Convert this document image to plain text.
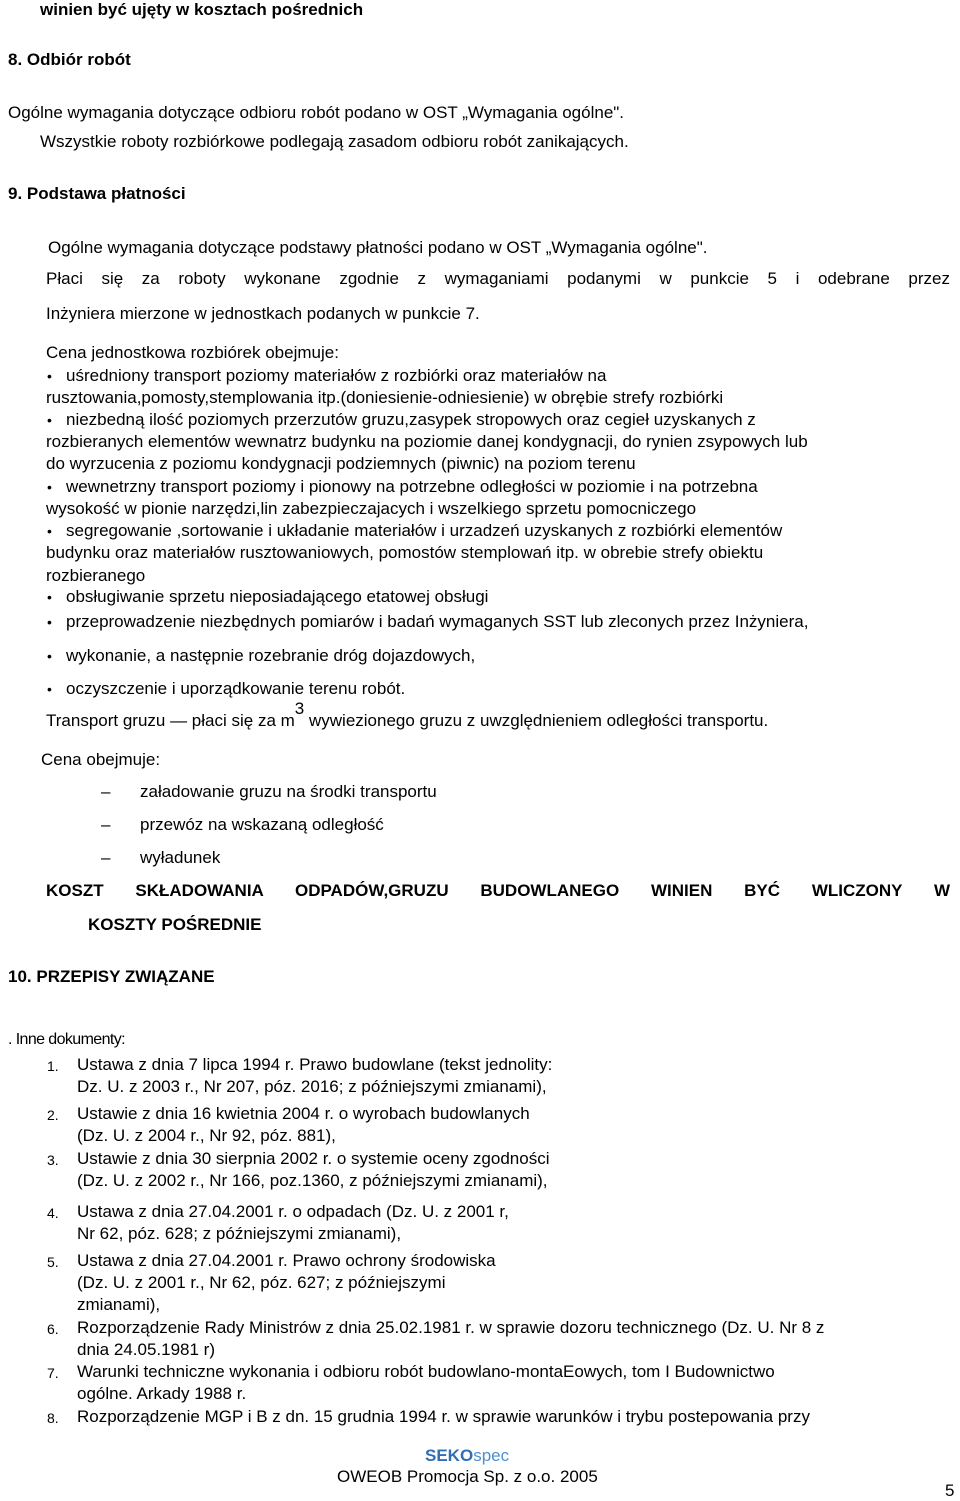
winien być ujęty w kosztach pośrednich
8. Odbiór robót
Ogólne wymagania dotyczące odbioru robót podano w OST „Wymagania ogólne".
Wszystkie roboty rozbiórkowe podlegają zasadom odbioru robót zanikających.
9. Podstawa płatności
Ogólne wymagania dotyczące podstawy płatności podano w OST „Wymagania ogólne".
Płaci się za roboty wykonane zgodnie z wymaganiami podanymi w punkcie 5 i odebrane przez
Inżyniera mierzone w jednostkach podanych w punkcie 7.
Cena jednostkowa rozbiórek obejmuje:
• uśredniony transport poziomy materiałów z rozbiórki oraz materiałów na
rusztowania,pomosty,stemplowania itp.(doniesienie-odniesienie) w obrębie strefy rozbiórki
• niezbedną ilość poziomych przerzutów gruzu,zasypek stropowych oraz cegieł uzyskanych z
rozbieranych elementów wewnatrz budynku na poziomie danej kondygnacji, do rynien zsypowych lub
do wyrzucenia z poziomu kondygnacji podziemnych (piwnic) na poziom terenu
• wewnetrzny transport poziomy i pionowy na potrzebne odległości w poziomie i na potrzebna
wysokość w pionie narzędzi,lin zabezpieczajacych i wszelkiego sprzetu pomocniczego
• segregowanie ,sortowanie i układanie materiałów i urzadzeń uzyskanych z rozbiórki elementów
budynku oraz materiałów rusztowaniowych, pomostów stemplowań itp. w obrebie strefy obiektu
rozbieranego
• obsługiwanie sprzetu nieposiadającego etatowej obsługi
• przeprowadzenie niezbędnych pomiarów i badań wymaganych SST lub zleconych przez Inżyniera,
• wykonanie, a następnie rozebranie dróg dojazdowych,
• oczyszczenie i uporządkowanie terenu robót.
Transport gruzu — płaci się za m3 wywiezionego gruzu z uwzględnieniem odległości transportu.
Cena obejmuje:
– załadowanie gruzu na środki transportu
– przewóz na wskazaną odległość
– wyładunek
KOSZT SKŁADOWANIA ODPADÓW,GRUZU BUDOWLANEGO WINIEN BYĆ WLICZONY W
KOSZTY POŚREDNIE
10. PRZEPISY ZWIĄZANE
. Inne dokumenty:
1. Ustawa z dnia 7 lipca 1994 r. Prawo budowlane (tekst jednolity:
Dz. U. z 2003 r., Nr 207, póz. 2016; z późniejszymi zmianami),
2. Ustawie z dnia 16 kwietnia 2004 r. o wyrobach budowlanych
(Dz. U. z 2004 r., Nr 92, póz. 881),
3. Ustawie z dnia 30 sierpnia 2002 r. o systemie oceny zgodności
(Dz. U. z 2002 r., Nr 166, poz.1360, z późniejszymi zmianami),
4. Ustawa z dnia 27.04.2001 r. o odpadach (Dz. U. z 2001 r,
Nr 62, póz. 628; z późniejszymi zmianami),
5. Ustawa z dnia 27.04.2001 r. Prawo ochrony środowiska
(Dz. U. z 2001 r., Nr 62, póz. 627; z późniejszymi
zmianami),
6. Rozporządzenie Rady Ministrów z dnia 25.02.1981 r. w sprawie dozoru technicznego (Dz. U. Nr 8 z
dnia 24.05.1981 r)
7. Warunki techniczne wykonania i odbioru robót budowlano-montaEowych, tom I Budownictwo
ogólne. Arkady 1988 r.
8. Rozporządzenie MGP i B z dn. 15 grudnia 1994 r. w sprawie warunków i trybu postepowania przy
SEKOspec
OWEOB Promocja Sp. z o.o. 2005
5
